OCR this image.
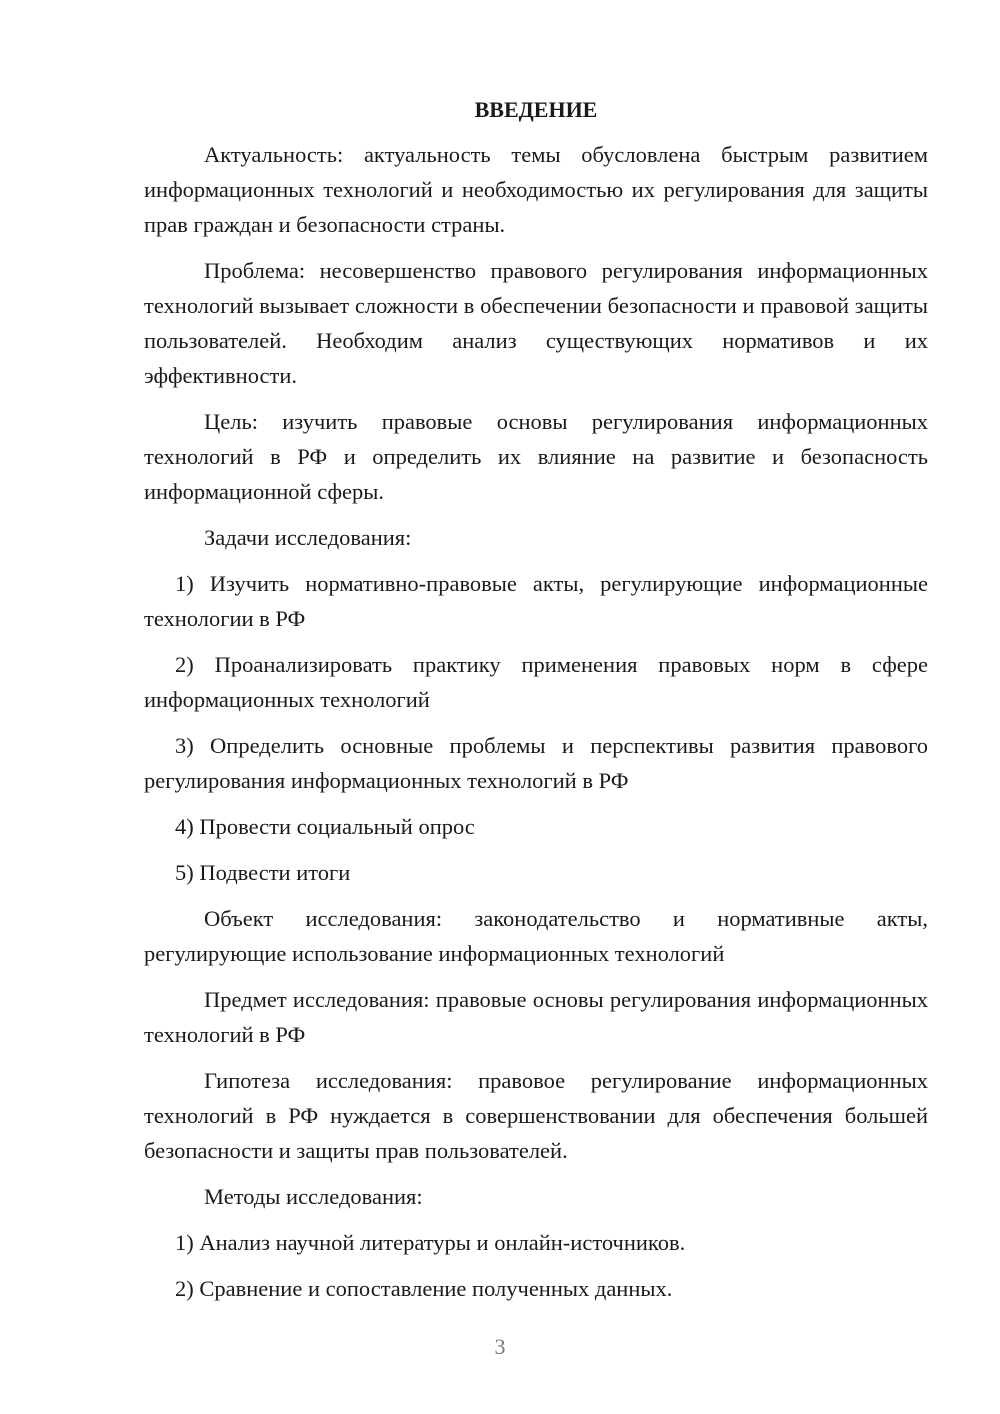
ВВЕДЕНИЕ

Актуальность: актуальность темы обусловлена быстрым развитием информационных технологий и необходимостью их регулирования для защиты прав граждан и безопасности страны.

Проблема: несовершенство правового регулирования информационных технологий вызывает сложности в обеспечении безопасности и правовой защиты пользователей. Необходим анализ существующих нормативов и их эффективности.

Цель: изучить правовые основы регулирования информационных технологий в РФ и определить их влияние на развитие и безопасность информационной сферы.

Задачи исследования:

1) Изучить нормативно-правовые акты, регулирующие информационные технологии в РФ

2) Проанализировать практику применения правовых норм в сфере информационных технологий

3) Определить основные проблемы и перспективы развития правового регулирования информационных технологий в РФ

4) Провести социальный опрос

5) Подвести итоги

Объект исследования: законодательство и нормативные акты, регулирующие использование информационных технологий

Предмет исследования: правовые основы регулирования информационных технологий в РФ

Гипотеза исследования: правовое регулирование информационных технологий в РФ нуждается в совершенствовании для обеспечения большей безопасности и защиты прав пользователей.

Методы исследования:

1) Анализ научной литературы и онлайн-источников.

2) Сравнение и сопоставление полученных данных.

3
